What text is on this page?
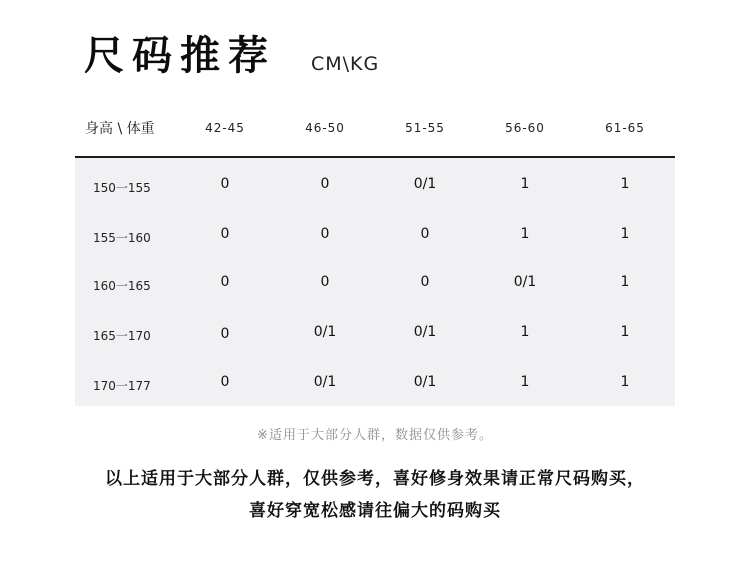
尺码推荐 CM\KG
身高 \ 体重	42-45	46-50	51-55	56-60	61-65
150一155	0	0	0/1	1	1
155一160	0	0	0	1	1
160一165	0	0	0	0/1	1
165一170	0	0/1	0/1	1	1
170一177	0	0/1	0/1	1	1
※适用于大部分人群，数据仅供参考。
以上适用于大部分人群，仅供参考，喜好修身效果请正常尺码购买，
喜好穿宽松感请往偏大的码购买
